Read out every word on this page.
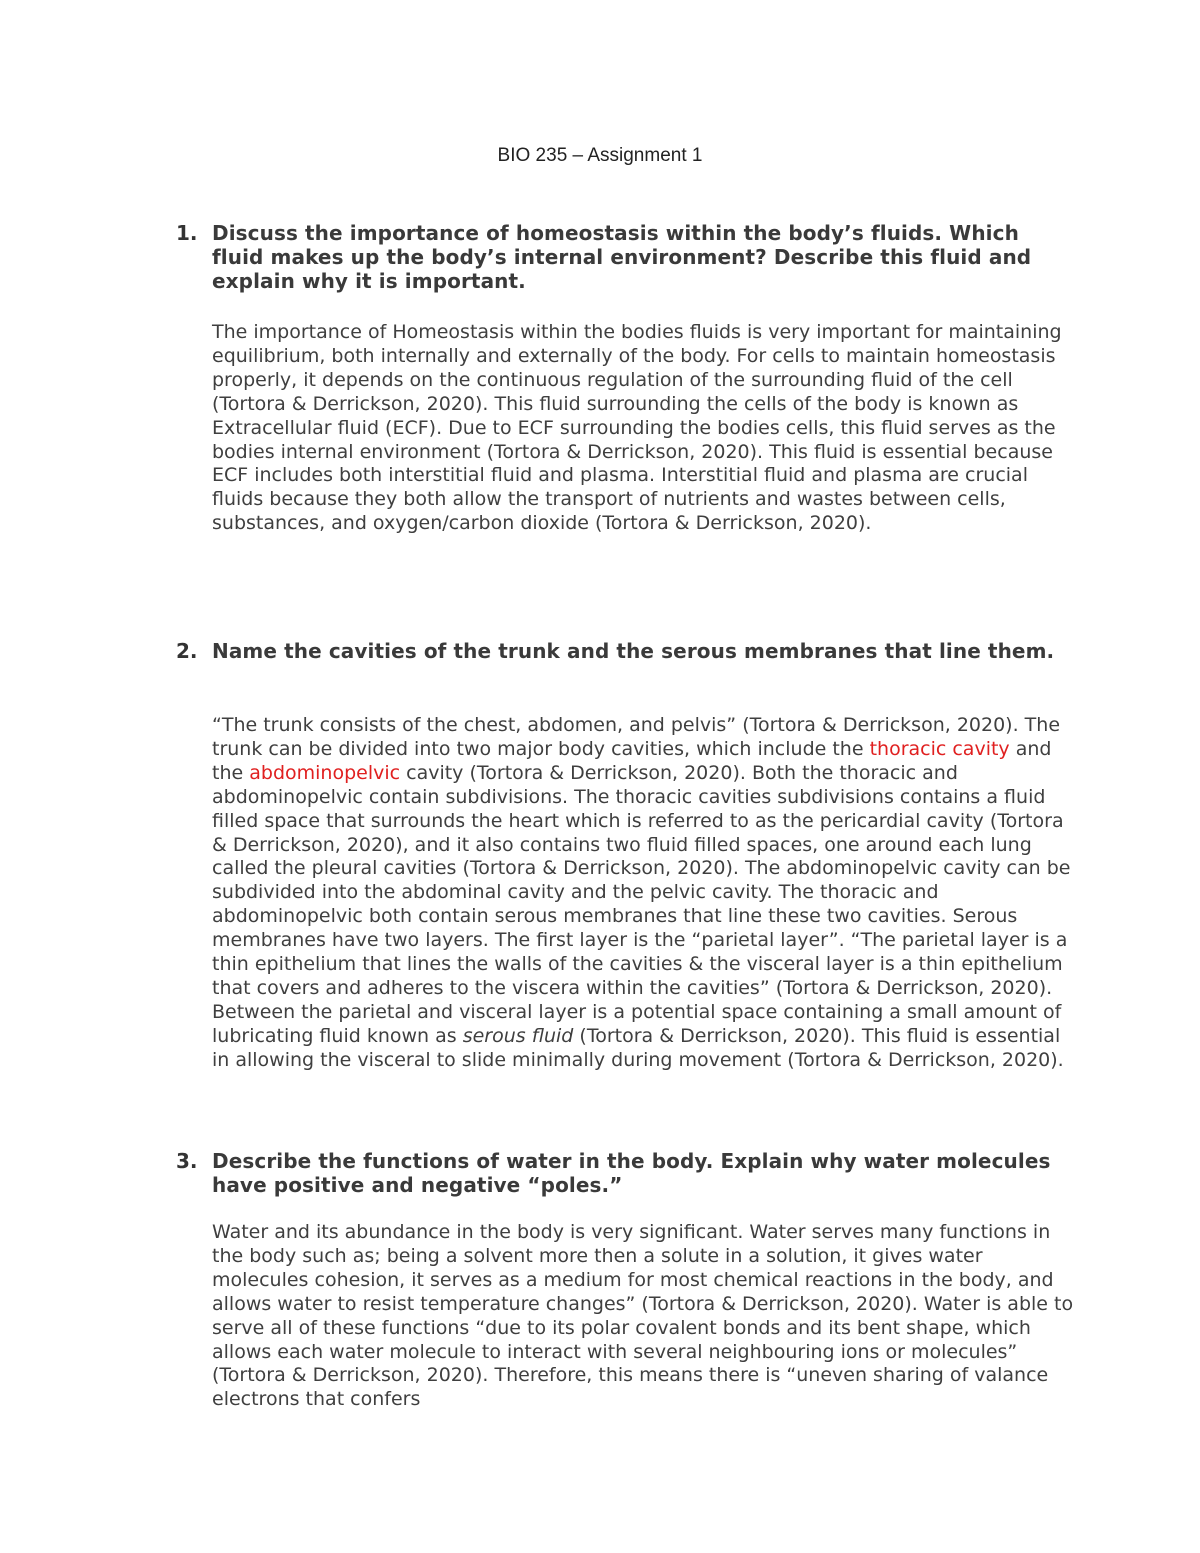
BIO 235 – Assignment 1
1. Discuss the importance of homeostasis within the body’s fluids. Which fluid makes up the body’s internal environment? Describe this fluid and explain why it is important.
The importance of Homeostasis within the bodies fluids is very important for maintaining equilibrium, both internally and externally of the body. For cells to maintain homeostasis properly, it depends on the continuous regulation of the surrounding fluid of the cell (Tortora & Derrickson, 2020). This fluid surrounding the cells of the body is known as Extracellular fluid (ECF). Due to ECF surrounding the bodies cells, this fluid serves as the bodies internal environment (Tortora & Derrickson, 2020). This fluid is essential because ECF includes both interstitial fluid and plasma. Interstitial fluid and plasma are crucial fluids because they both allow the transport of nutrients and wastes between cells, substances, and oxygen/carbon dioxide (Tortora & Derrickson, 2020).
2. Name the cavities of the trunk and the serous membranes that line them.
“The trunk consists of the chest, abdomen, and pelvis” (Tortora & Derrickson, 2020). The trunk can be divided into two major body cavities, which include the thoracic cavity and the abdominopelvic cavity (Tortora & Derrickson, 2020). Both the thoracic and abdominopelvic contain subdivisions. The thoracic cavities subdivisions contains a fluid filled space that surrounds the heart which is referred to as the pericardial cavity (Tortora & Derrickson, 2020), and it also contains two fluid filled spaces, one around each lung called the pleural cavities (Tortora & Derrickson, 2020). The abdominopelvic cavity can be subdivided into the abdominal cavity and the pelvic cavity. The thoracic and abdominopelvic both contain serous membranes that line these two cavities. Serous membranes have two layers. The first layer is the “parietal layer”. “The parietal layer is a thin epithelium that lines the walls of the cavities & the visceral layer is a thin epithelium that covers and adheres to the viscera within the cavities” (Tortora & Derrickson, 2020). Between the parietal and visceral layer is a potential space containing a small amount of lubricating fluid known as serous fluid (Tortora & Derrickson, 2020). This fluid is essential in allowing the visceral to slide minimally during movement (Tortora & Derrickson, 2020).
3. Describe the functions of water in the body. Explain why water molecules have positive and negative “poles.”
Water and its abundance in the body is very significant. Water serves many functions in the body such as; being a solvent more then a solute in a solution, it gives water molecules cohesion, it serves as a medium for most chemical reactions in the body, and allows water to resist temperature changes” (Tortora & Derrickson, 2020). Water is able to serve all of these functions “due to its polar covalent bonds and its bent shape, which allows each water molecule to interact with several neighbouring ions or molecules” (Tortora & Derrickson, 2020). Therefore, this means there is “uneven sharing of valance electrons that confers
